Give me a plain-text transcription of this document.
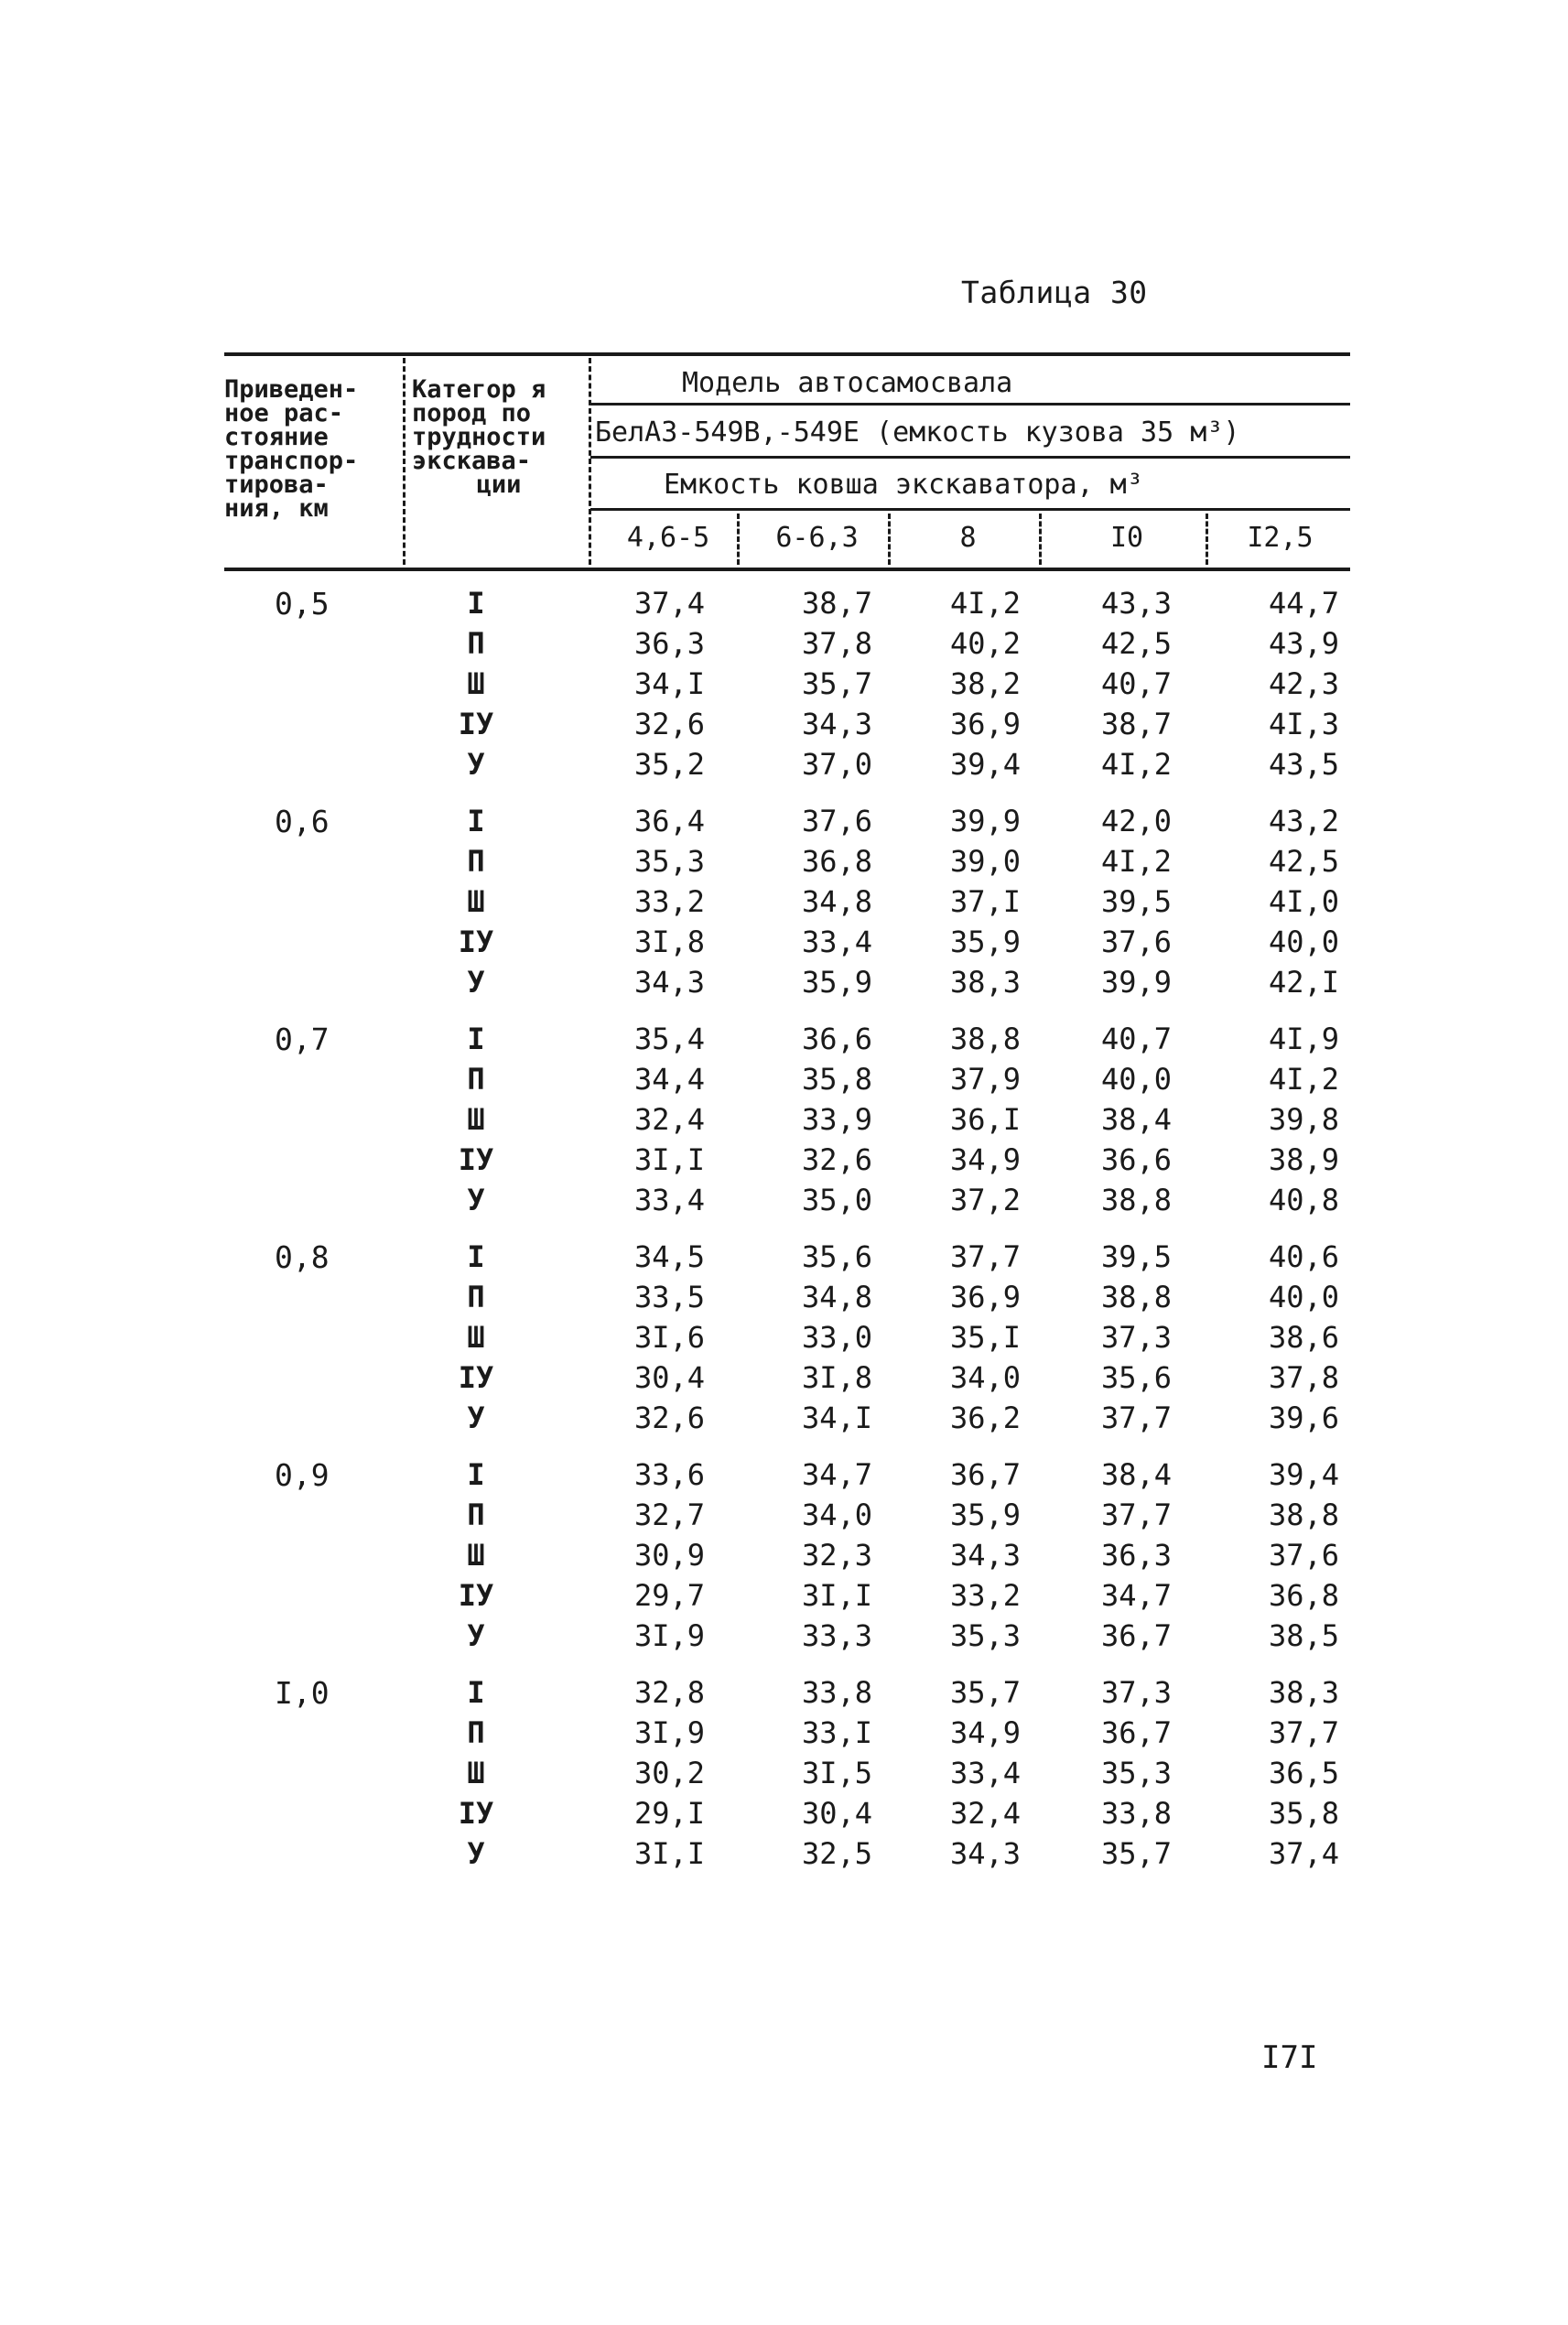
Таблица 30
Приведен-
ное рас-
стояние
транспор-
тирова-
ния, км
Категор я
пород по
трудности
экскава-
ции
Модель автосамосвала
БелАЗ-549В,-549Е (емкость кузова 35 м³)
Емкость ковша экскаватора, м³
4,6-5	6-6,3	8	I0	I2,5
0,5	I	37,4	38,7	4I,2	43,3	44,7
П	36,3	37,8	40,2	42,5	43,9
Ш	34,I	35,7	38,2	40,7	42,3
IУ	32,6	34,3	36,9	38,7	4I,3
У	35,2	37,0	39,4	4I,2	43,5
0,6	I	36,4	37,6	39,9	42,0	43,2
П	35,3	36,8	39,0	4I,2	42,5
Ш	33,2	34,8	37,I	39,5	4I,0
IУ	3I,8	33,4	35,9	37,6	40,0
У	34,3	35,9	38,3	39,9	42,I
0,7	I	35,4	36,6	38,8	40,7	4I,9
П	34,4	35,8	37,9	40,0	4I,2
Ш	32,4	33,9	36,I	38,4	39,8
IУ	3I,I	32,6	34,9	36,6	38,9
У	33,4	35,0	37,2	38,8	40,8
0,8	I	34,5	35,6	37,7	39,5	40,6
П	33,5	34,8	36,9	38,8	40,0
Ш	3I,6	33,0	35,I	37,3	38,6
IУ	30,4	3I,8	34,0	35,6	37,8
У	32,6	34,I	36,2	37,7	39,6
0,9	I	33,6	34,7	36,7	38,4	39,4
П	32,7	34,0	35,9	37,7	38,8
Ш	30,9	32,3	34,3	36,3	37,6
IУ	29,7	3I,I	33,2	34,7	36,8
У	3I,9	33,3	35,3	36,7	38,5
I,0	I	32,8	33,8	35,7	37,3	38,3
П	3I,9	33,I	34,9	36,7	37,7
Ш	30,2	3I,5	33,4	35,3	36,5
IУ	29,I	30,4	32,4	33,8	35,8
У	3I,I	32,5	34,3	35,7	37,4
I7I
